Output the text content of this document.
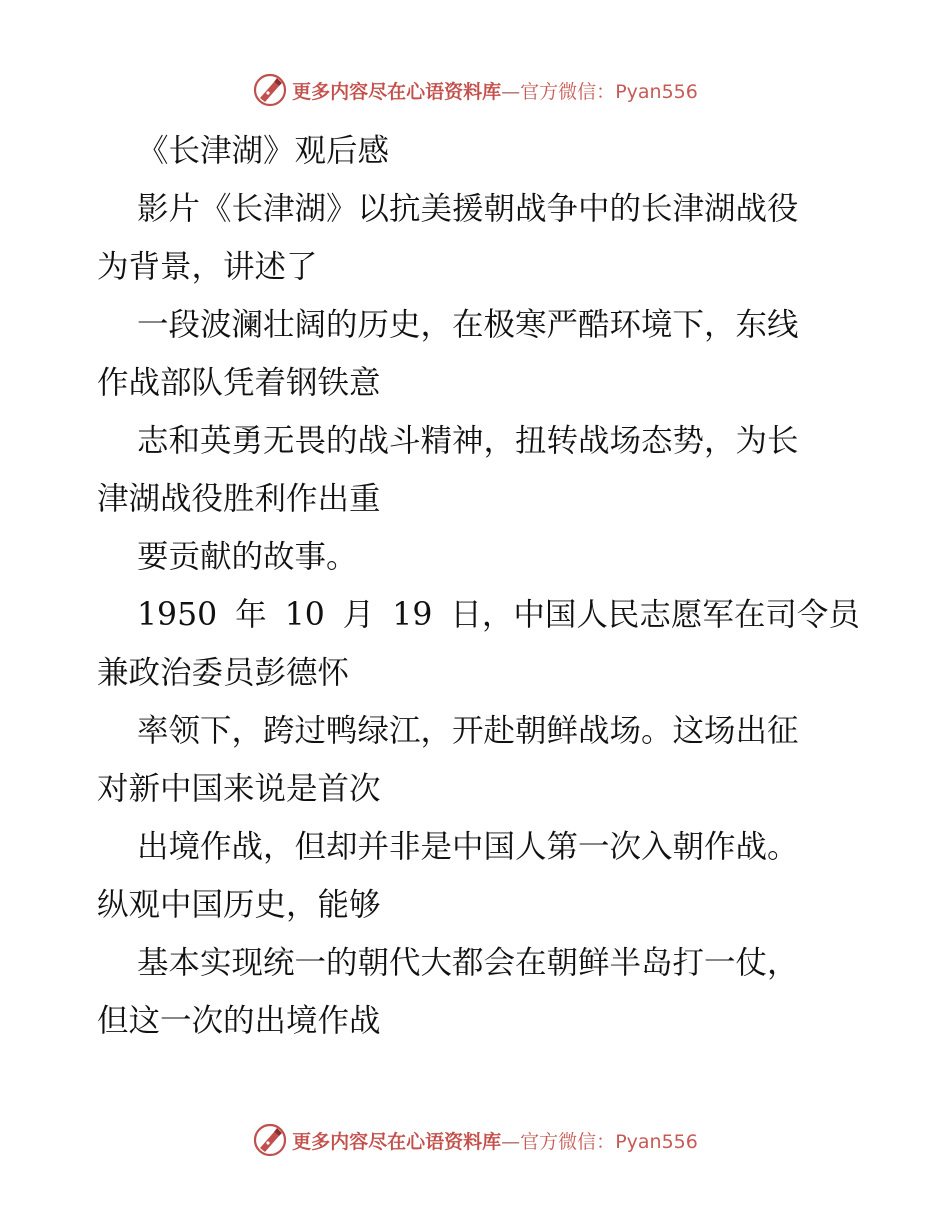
更多内容尽在心语资料库—官方微信：Pyan556

《长津湖》观后感

影片《长津湖》以抗美援朝战争中的长津湖战役

为背景，讲述了

一段波澜壮阔的历史，在极寒严酷环境下，东线

作战部队凭着钢铁意

志和英勇无畏的战斗精神，扭转战场态势，为长

津湖战役胜利作出重

要贡献的故事。

1950 年 10 月 19 日，中国人民志愿军在司令员

兼政治委员彭德怀

率领下，跨过鸭绿江，开赴朝鲜战场。这场出征

对新中国来说是首次

出境作战，但却并非是中国人第一次入朝作战。

纵观中国历史，能够

基本实现统一的朝代大都会在朝鲜半岛打一仗，

但这一次的出境作战

更多内容尽在心语资料库—官方微信：Pyan556
